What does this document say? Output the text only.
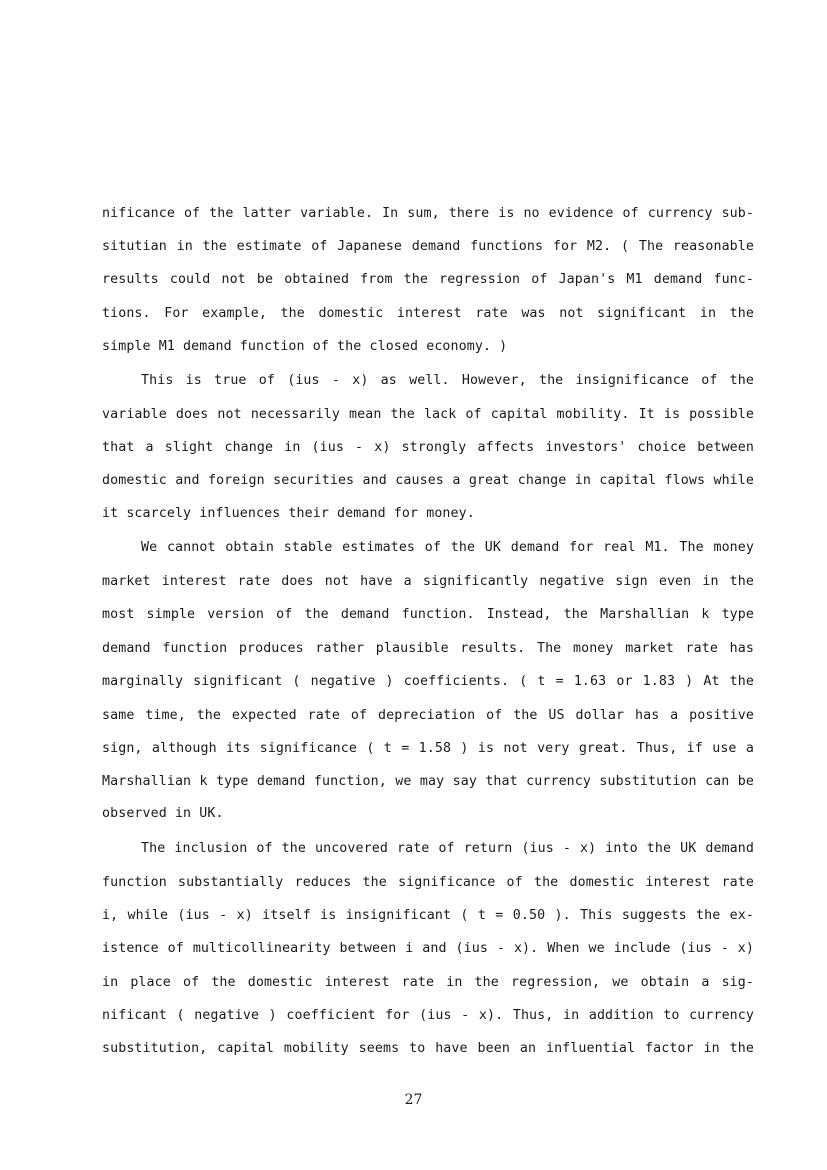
nificance of the latter variable. In sum, there is no evidence of currency sub-
situtian in the estimate of Japanese demand functions for M2. ( The reasonable
results could not be obtained from the regression of Japan's M1 demand func-
tions. For example, the domestic interest rate was not significant in the
simple M1 demand function of the closed economy. )
This is true of (ius - x) as well. However, the insignificance of the
variable does not necessarily mean the lack of capital mobility. It is possible
that a slight change in (ius - x) strongly affects investors' choice between
domestic and foreign securities and causes a great change in capital flows while
it scarcely influences their demand for money.
We cannot obtain stable estimates of the UK demand for real M1. The money
market interest rate does not have a significantly negative sign even in the
most simple version of the demand function. Instead, the Marshallian k type
demand function produces rather plausible results. The money market rate has
marginally significant ( negative ) coefficients. ( t = 1.63 or 1.83 ) At the
same time, the expected rate of depreciation of the US dollar has a positive
sign, although its significance ( t = 1.58 ) is not very great. Thus, if use a
Marshallian k type demand function, we may say that currency substitution can be
observed in UK.
The inclusion of the uncovered rate of return (ius - x) into the UK demand
function substantially reduces the significance of the domestic interest rate
i, while (ius - x) itself is insignificant ( t = 0.50 ). This suggests the ex-
istence of multicollinearity between i and (ius - x). When we include (ius - x)
in place of the domestic interest rate in the regression, we obtain a sig-
nificant ( negative ) coefficient for (ius - x). Thus, in addition to currency
substitution, capital mobility seems to have been an influential factor in the
27
